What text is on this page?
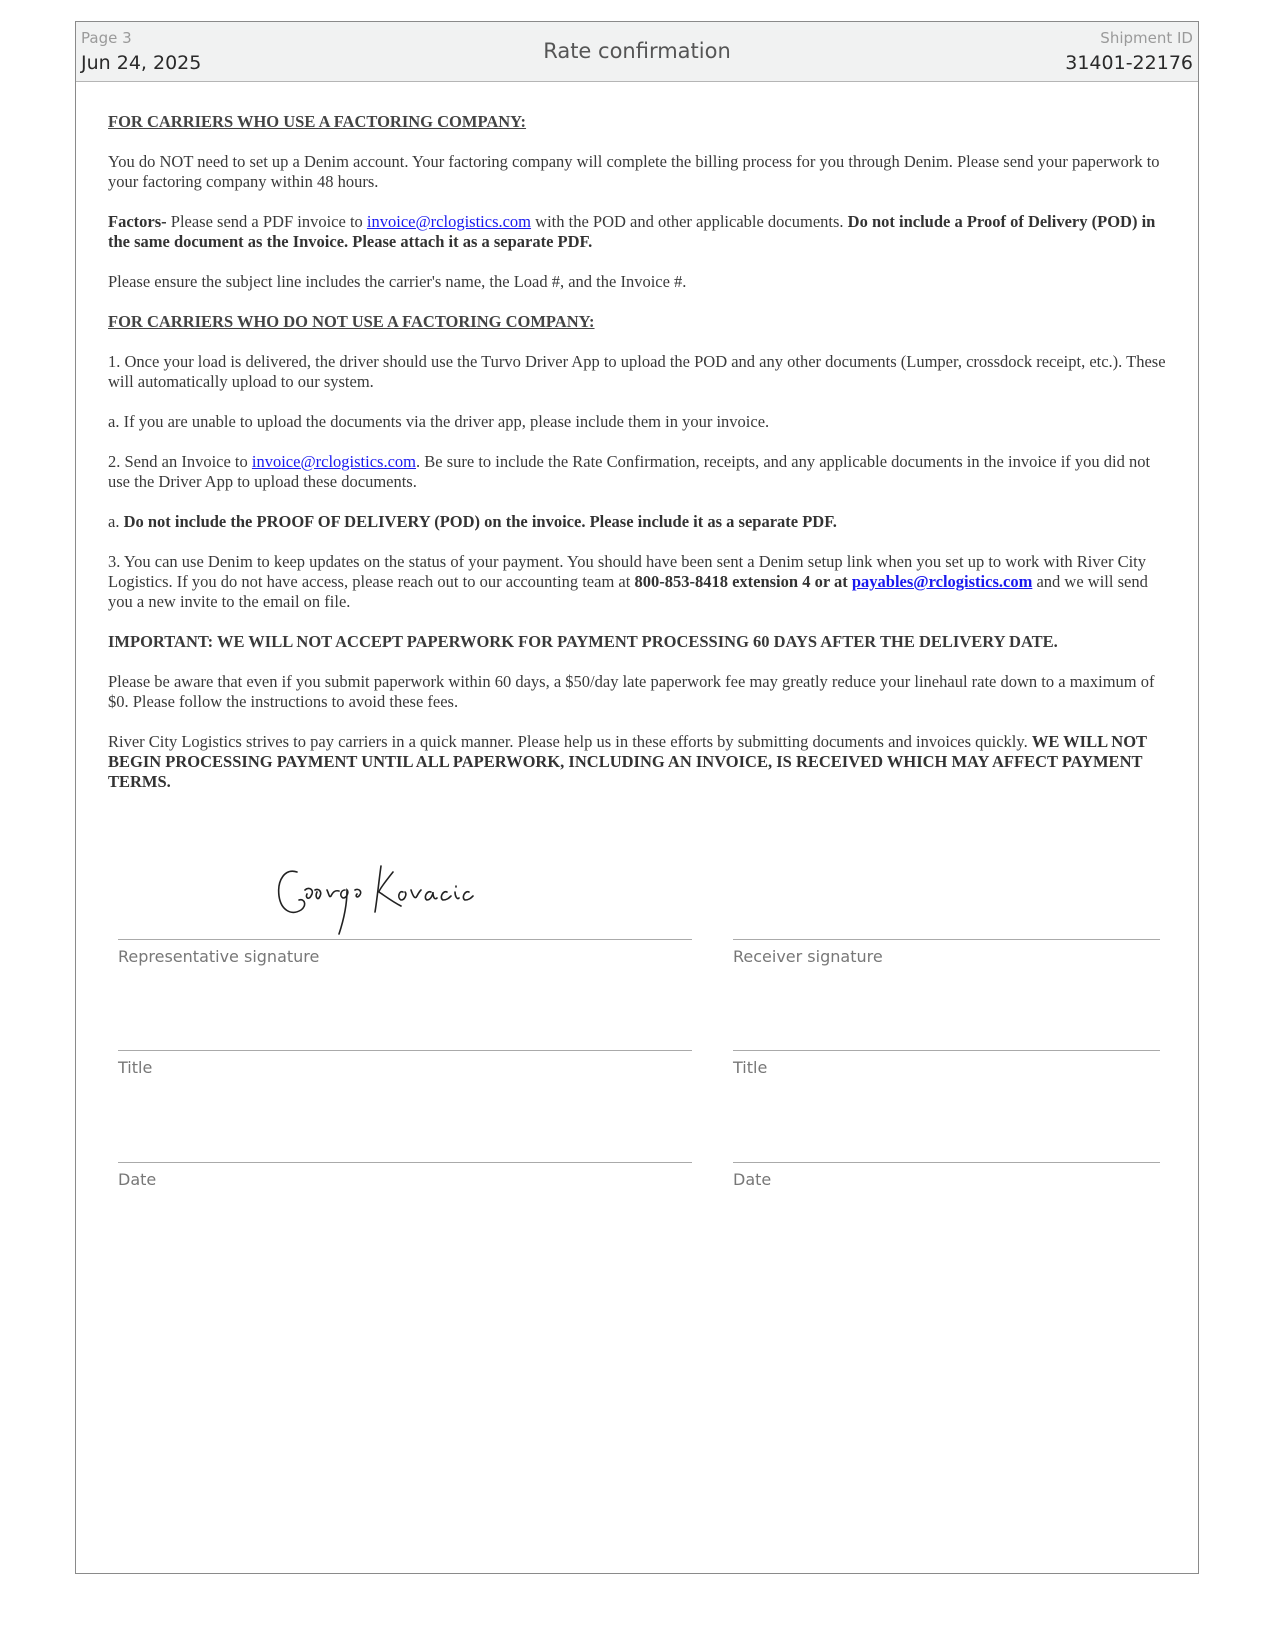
Page 3
Jun 24, 2025	Rate confirmation
Shipment ID
31401-22176

FOR CARRIERS WHO USE A FACTORING COMPANY:

You do NOT need to set up a Denim account. Your factoring company will complete the billing process for you through Denim. Please send your paperwork to your factoring company within 48 hours.

Factors- Please send a PDF invoice to invoice@rclogistics.com with the POD and other applicable documents. Do not include a Proof of Delivery (POD) in the same document as the Invoice. Please attach it as a separate PDF.

Please ensure the subject line includes the carrier's name, the Load #, and the Invoice #.

FOR CARRIERS WHO DO NOT USE A FACTORING COMPANY:

1. Once your load is delivered, the driver should use the Turvo Driver App to upload the POD and any other documents (Lumper, crossdock receipt, etc.). These will automatically upload to our system.

a. If you are unable to upload the documents via the driver app, please include them in your invoice.

2. Send an Invoice to invoice@rclogistics.com. Be sure to include the Rate Confirmation, receipts, and any applicable documents in the invoice if you did not use the Driver App to upload these documents.

a. Do not include the PROOF OF DELIVERY (POD) on the invoice. Please include it as a separate PDF.

3. You can use Denim to keep updates on the status of your payment. You should have been sent a Denim setup link when you set up to work with River City Logistics. If you do not have access, please reach out to our accounting team at 800-853-8418 extension 4 or at payables@rclogistics.com and we will send you a new invite to the email on file.

IMPORTANT: WE WILL NOT ACCEPT PAPERWORK FOR PAYMENT PROCESSING 60 DAYS AFTER THE DELIVERY DATE.

Please be aware that even if you submit paperwork within 60 days, a $50/day late paperwork fee may greatly reduce your linehaul rate down to a maximum of $0. Please follow the instructions to avoid these fees.

River City Logistics strives to pay carriers in a quick manner. Please help us in these efforts by submitting documents and invoices quickly. WE WILL NOT BEGIN PROCESSING PAYMENT UNTIL ALL PAPERWORK, INCLUDING AN INVOICE, IS RECEIVED WHICH MAY AFFECT PAYMENT TERMS.

Representative signature	Receiver signature
Title	Title
Date	Date
